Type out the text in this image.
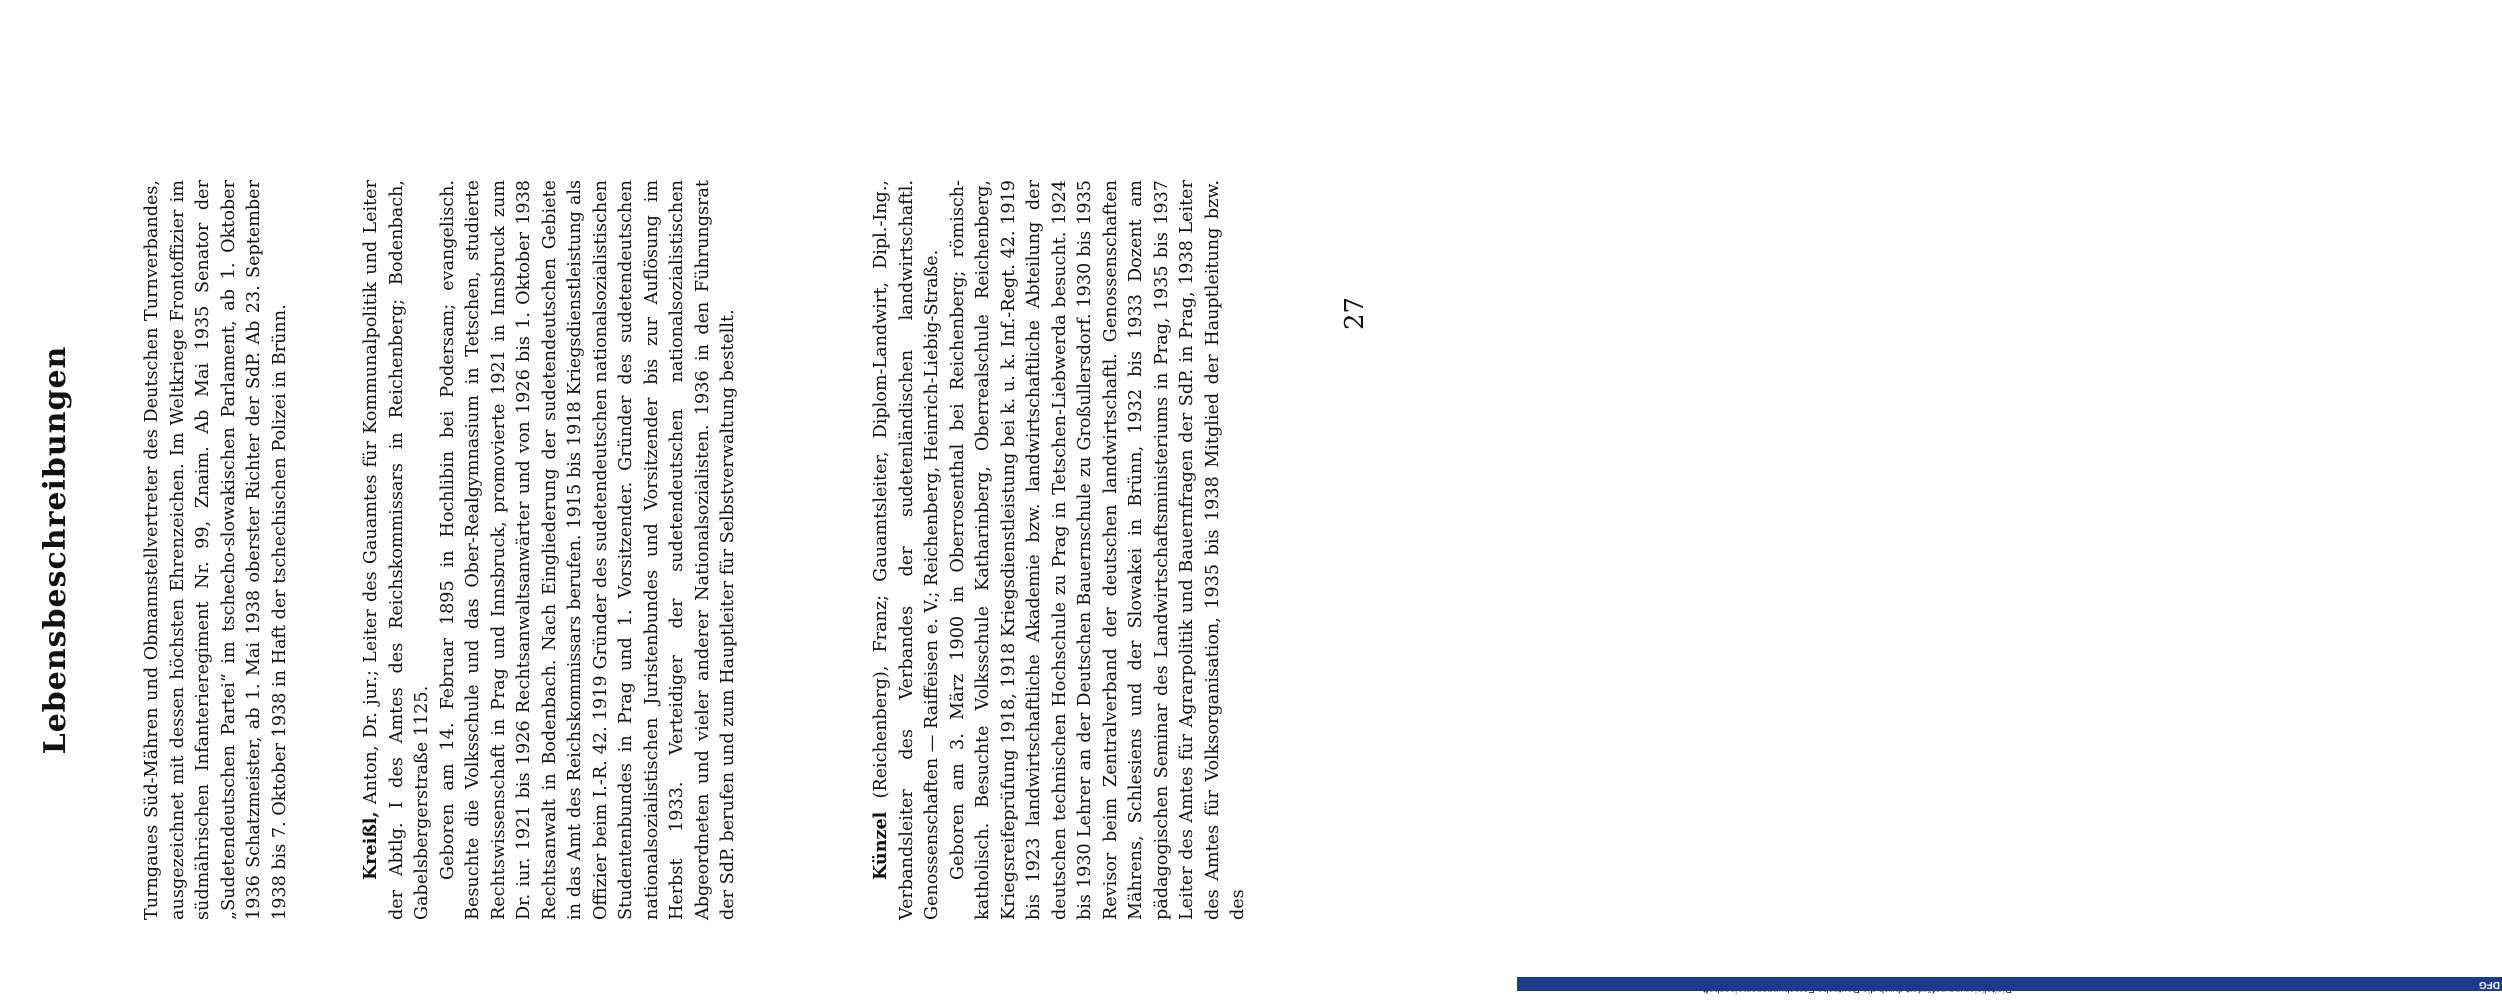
Lebensbeschreibungen	Turngaues Süd-Mähren und Obmannstellvertreter des Deutschen Turnverbandes, ausgezeichnet mit dessen höchsten Ehrenzeichen. Im Weltkriege Frontoffizier im südmährischen Infanterieregiment Nr. 99, Znaim. Ab Mai 1935 Senator der „Sudetendeutschen Partei“ im tschecho-slowakischen Parlament, ab 1. Oktober 1936 Schatzmeister, ab 1. Mai 1938 oberster Richter der SdP. Ab 23. September 1938 bis 7. Oktober 1938 in Haft der tschechischen Polizei in Brünn.	Kreißl, Anton, Dr. jur.; Leiter des Gauamtes für Kommunalpolitik und Leiter der Abtlg. I des Amtes des Reichskommissars in Reichenberg; Bodenbach, Gabelsbergerstraße 1125. Geboren am 14. Februar 1895 in Hochlibin bei Podersam; evangelisch. Besuchte die Volksschule und das Ober-Realgymnasium in Tetschen, studierte Rechtswissenschaft in Prag und Innsbruck, promovierte 1921 in Innsbruck zum Dr. iur. 1921 bis 1926 Rechtsanwaltsanwärter und von 1926 bis 1. Oktober 1938 Rechtsanwalt in Bodenbach. Nach Eingliederung der sudetendeutschen Gebiete in das Amt des Reichskommissars berufen. 1915 bis 1918 Kriegsdienstleistung als Offizier beim I.-R. 42. 1919 Gründer des sudetendeutschen nationalsozialistischen Studentenbundes in Prag und 1. Vorsitzender. Gründer des sudetendeutschen nationalsozialistischen Juristenbundes und Vorsitzender bis zur Auflösung im Herbst 1933. Verteidiger der sudetendeutschen nationalsozialistischen Abgeordneten und vieler anderer Nationalsozialisten. 1936 in den Führungsrat der SdP. berufen und zum Hauptleiter für Selbstverwaltung bestellt.	Künzel (Reichenberg), Franz; Gauamtsleiter, Diplom-Landwirt, Dipl.-Ing., Verbandsleiter des Verbandes der sudetenländischen landwirtschaftl. Genossenschaften — Raiffeisen e. V.; Reichenberg, Heinrich-Liebig-Straße. Geboren am 3. März 1900 in Oberrosenthal bei Reichenberg; römisch-katholisch. Besuchte Volksschule Katharinberg, Oberrealschule Reichenberg, Kriegsreifeprüfung 1918, 1918 Kriegsdienstleistung bei k. u. k. Inf.-Regt. 42. 1919 bis 1923 landwirtschaftliche Akademie bzw. landwirtschaftliche Abteilung der deutschen technischen Hochschule zu Prag in Tetschen-Liebwerda besucht. 1924 bis 1930 Lehrer an der Deutschen Bauernschule zu Großullersdorf. 1930 bis 1935 Revisor beim Zentralverband der deutschen landwirtschaftl. Genossenschaften Mährens, Schlesiens und der Slowakei in Brünn, 1932 bis 1933 Dozent am pädagogischen Seminar des Landwirtschaftsministeriums in Prag, 1935 bis 1937 Leiter des Amtes für Agrarpolitik und Bauernfragen der SdP. in Prag, 1938 Leiter des Amtes für Volksorganisation, 1935 bis 1938 Mitglied der Hauptleitung bzw. des

27
DFG
